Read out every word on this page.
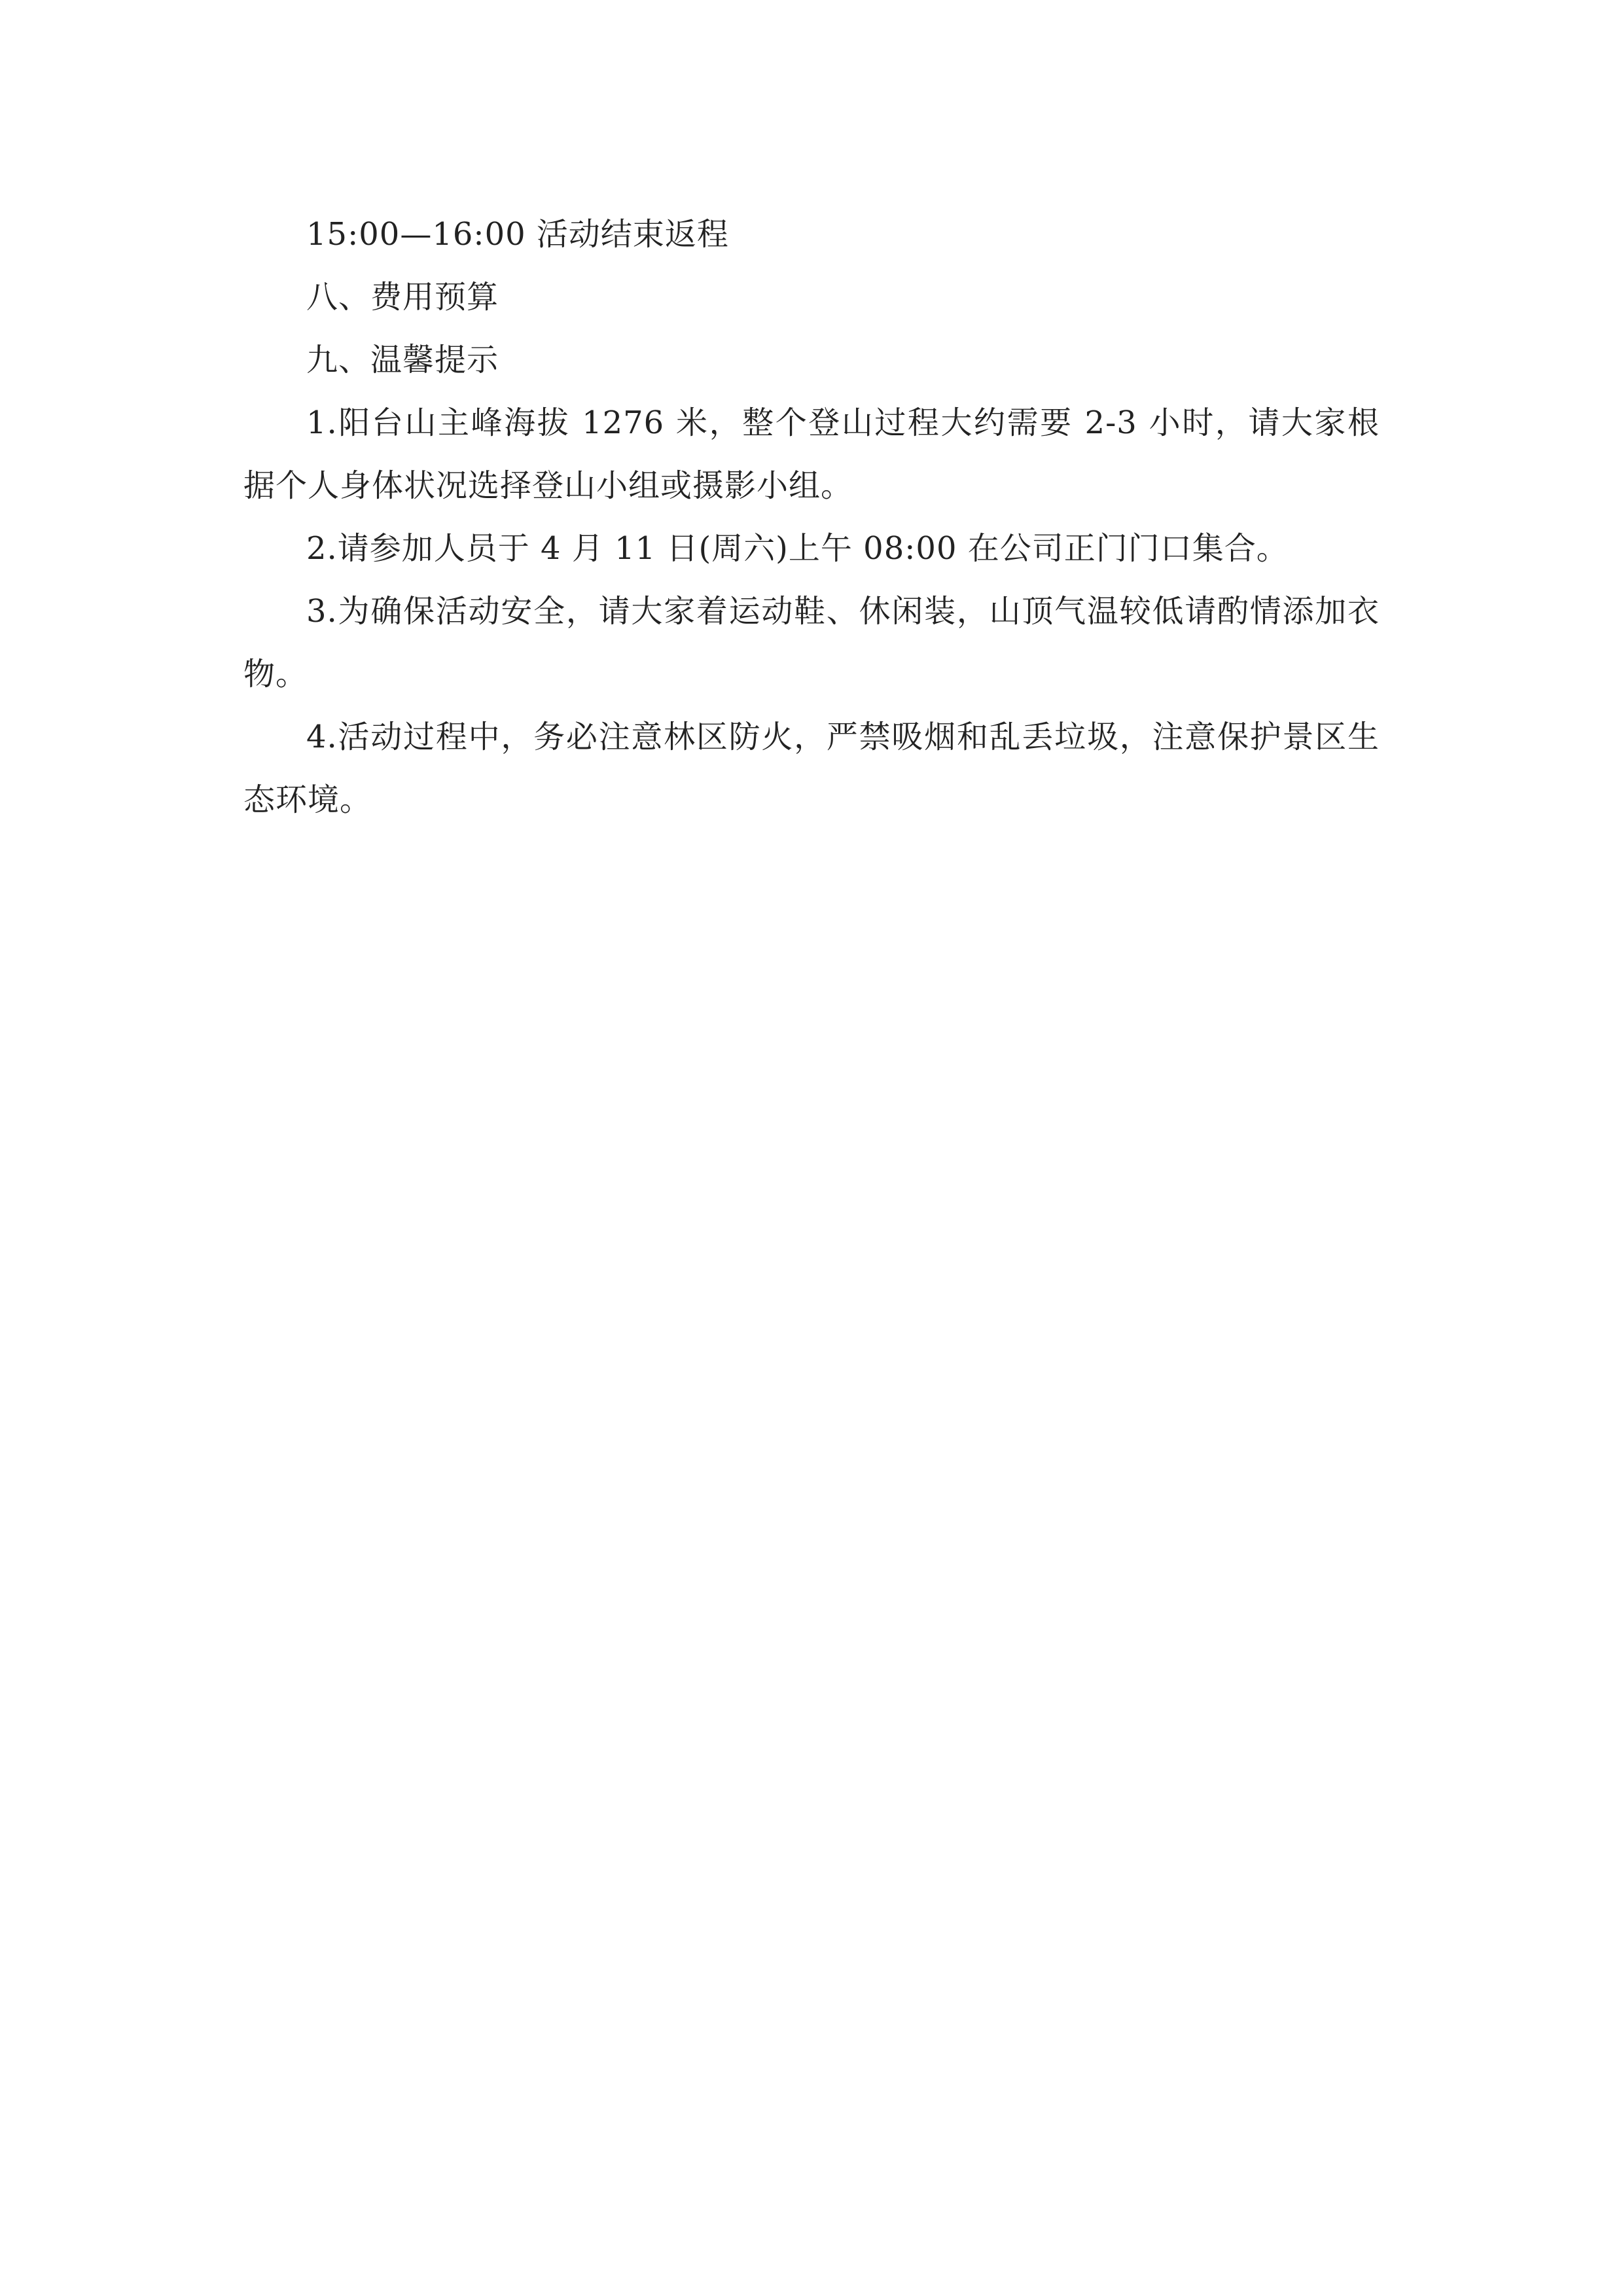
15:00—16:00 活动结束返程

八、费用预算

九、温馨提示

1.阳台山主峰海拔 1276 米，整个登山过程大约需要 2-3 小时，请大家根据个人身体状况选择登山小组或摄影小组。

2.请参加人员于 4 月 11 日(周六)上午 08:00 在公司正门门口集合。

3.为确保活动安全，请大家着运动鞋、休闲装，山顶气温较低请酌情添加衣物。

4.活动过程中，务必注意林区防火，严禁吸烟和乱丢垃圾，注意保护景区生态环境。
